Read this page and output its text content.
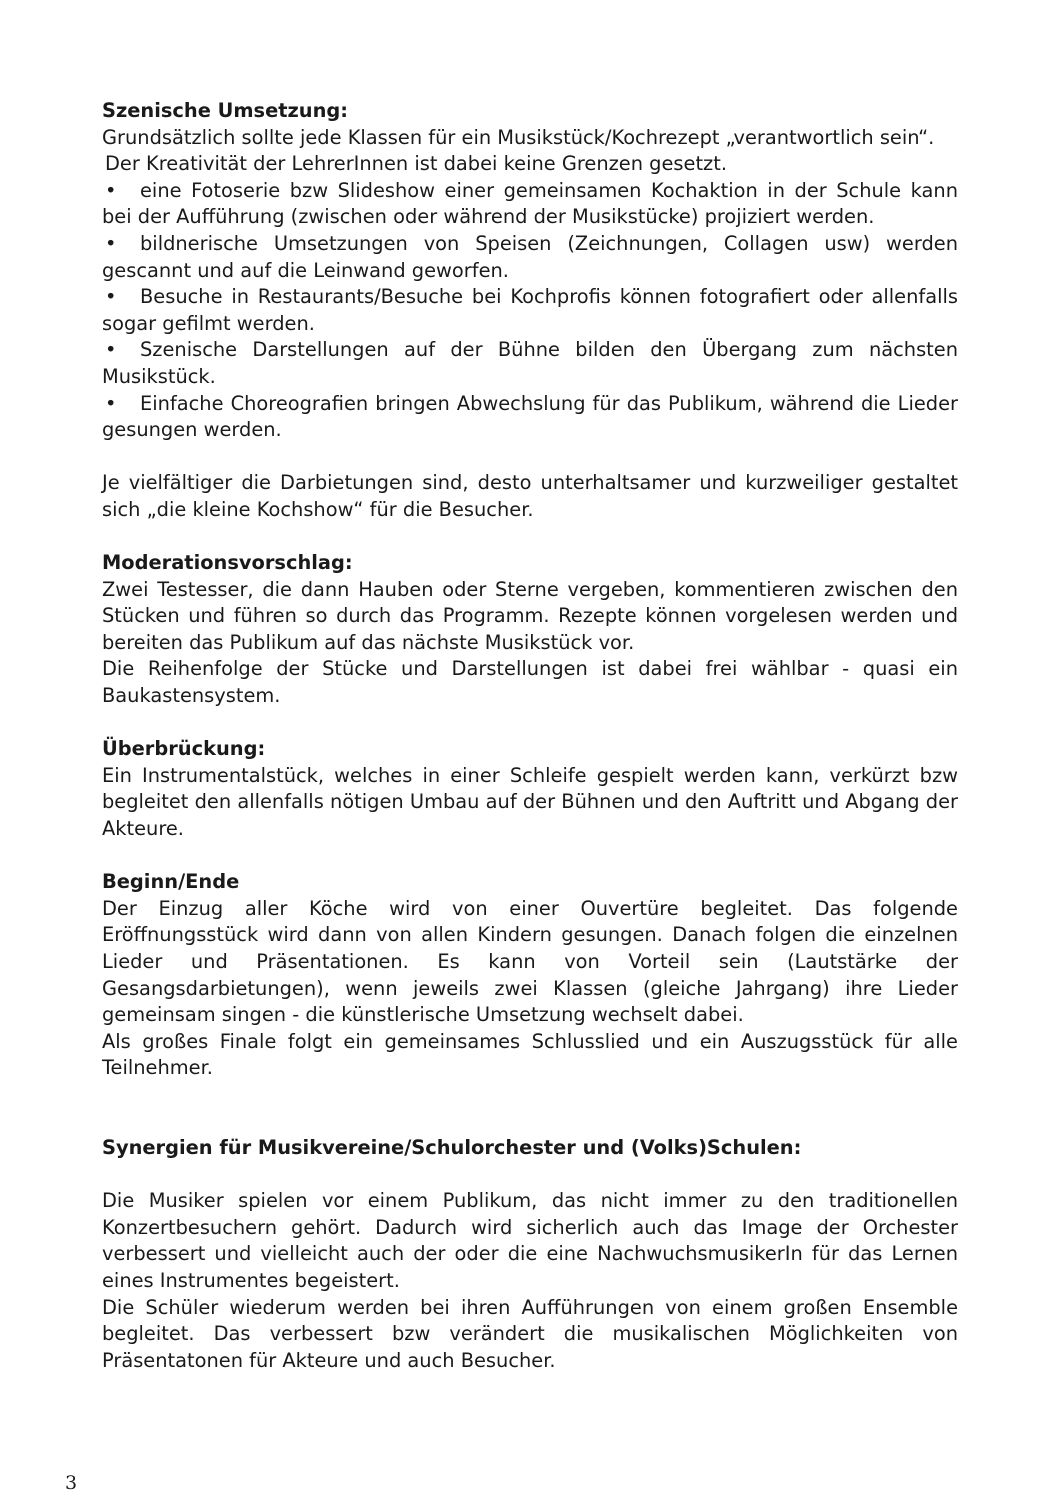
Szenische Umsetzung:

Grundsätzlich sollte jede Klassen für ein Musikstück/Kochrezept „verantwortlich sein“.

Der Kreativität der LehrerInnen ist dabei keine Grenzen gesetzt.

• eine Fotoserie bzw Slideshow einer gemeinsamen Kochaktion in der Schule kann bei der Aufführung (zwischen oder während der Musikstücke) projiziert werden.

• bildnerische Umsetzungen von Speisen (Zeichnungen, Collagen usw) werden gescannt und auf die Leinwand geworfen.

• Besuche in Restaurants/Besuche bei Kochprofis können fotografiert oder allenfalls sogar gefilmt werden.

• Szenische Darstellungen auf der Bühne bilden den Übergang zum nächsten Musikstück.

• Einfache Choreografien bringen Abwechslung für das Publikum, während die Lieder gesungen werden.

Je vielfältiger die Darbietungen sind, desto unterhaltsamer und kurzweiliger gestaltet sich „die kleine Kochshow“ für die Besucher.

Moderationsvorschlag:

Zwei Testesser, die dann Hauben oder Sterne vergeben, kommentieren zwischen den Stücken und führen so durch das Programm. Rezepte können vorgelesen werden und bereiten das Publikum auf das nächste Musikstück vor.

Die Reihenfolge der Stücke und Darstellungen ist dabei frei wählbar - quasi ein Baukastensystem.

Überbrückung:

Ein Instrumentalstück, welches in einer Schleife gespielt werden kann, verkürzt bzw begleitet den allenfalls nötigen Umbau auf der Bühnen und den Auftritt und Abgang der Akteure.

Beginn/Ende

Der Einzug aller Köche wird von einer Ouvertüre begleitet. Das folgende Eröffnungsstück wird dann von allen Kindern gesungen. Danach folgen die einzelnen Lieder und Präsentationen. Es kann von Vorteil sein (Lautstärke der Gesangsdarbietungen), wenn jeweils zwei Klassen (gleiche Jahrgang) ihre Lieder gemeinsam singen - die künstlerische Umsetzung wechselt dabei.

Als großes Finale folgt ein gemeinsames Schlusslied und ein Auszugsstück für alle Teilnehmer.

Synergien für Musikvereine/Schulorchester und (Volks)Schulen:

Die Musiker spielen vor einem Publikum, das nicht immer zu den traditionellen Konzertbesuchern gehört. Dadurch wird sicherlich auch das Image der Orchester verbessert und vielleicht auch der oder die eine NachwuchsmusikerIn für das Lernen eines Instrumentes begeistert.

Die Schüler wiederum werden bei ihren Aufführungen von einem großen Ensemble begleitet. Das verbessert bzw verändert die musikalischen Möglichkeiten von Präsentatonen für Akteure und auch Besucher.

3
